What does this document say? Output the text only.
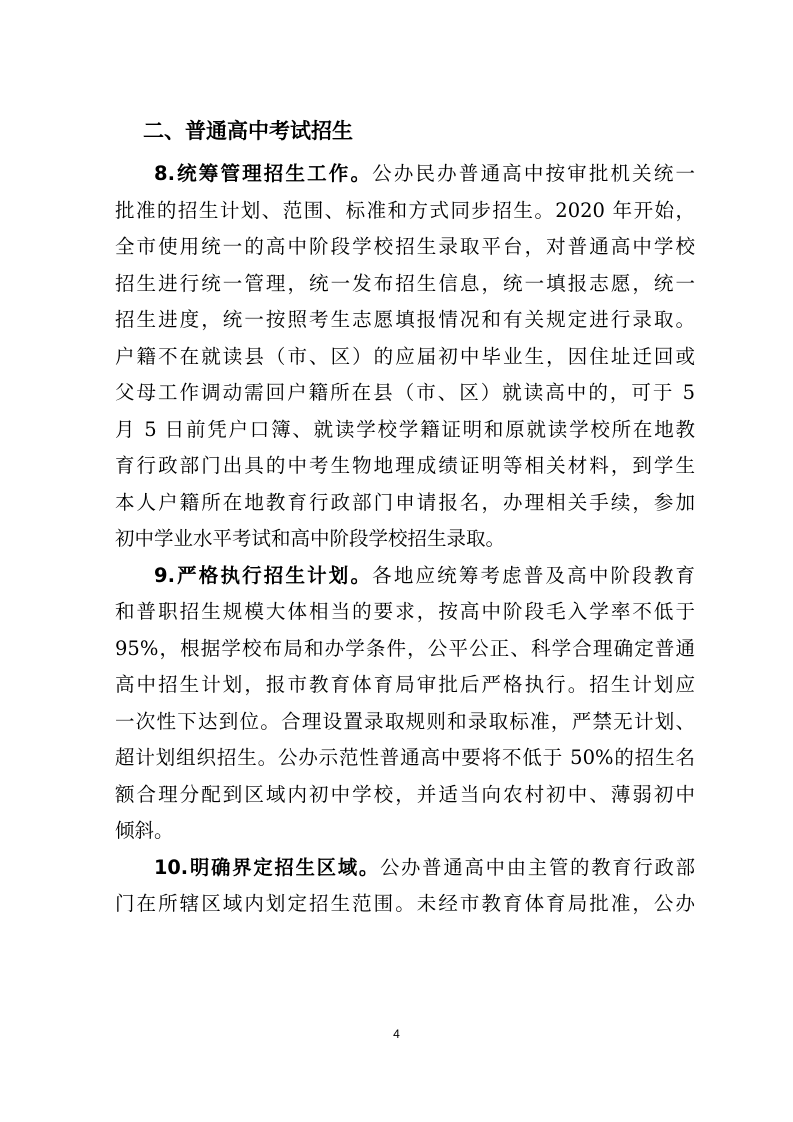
二、普通高中考试招生

8.统筹管理招生工作。公办民办普通高中按审批机关统一
批准的招生计划、范围、标准和方式同步招生。2020 年开始，
全市使用统一的高中阶段学校招生录取平台，对普通高中学校
招生进行统一管理，统一发布招生信息，统一填报志愿，统一
招生进度，统一按照考生志愿填报情况和有关规定进行录取。
户籍不在就读县（市、区）的应届初中毕业生，因住址迁回或
父母工作调动需回户籍所在县（市、区）就读高中的，可于 5
月 5 日前凭户口簿、就读学校学籍证明和原就读学校所在地教
育行政部门出具的中考生物地理成绩证明等相关材料，到学生
本人户籍所在地教育行政部门申请报名，办理相关手续，参加
初中学业水平考试和高中阶段学校招生录取。

9.严格执行招生计划。各地应统筹考虑普及高中阶段教育
和普职招生规模大体相当的要求，按高中阶段毛入学率不低于
95%，根据学校布局和办学条件，公平公正、科学合理确定普通
高中招生计划，报市教育体育局审批后严格执行。招生计划应
一次性下达到位。合理设置录取规则和录取标准，严禁无计划、
超计划组织招生。公办示范性普通高中要将不低于 50%的招生名
额合理分配到区域内初中学校，并适当向农村初中、薄弱初中
倾斜。

10.明确界定招生区域。公办普通高中由主管的教育行政部
门在所辖区域内划定招生范围。未经市教育体育局批准，公办

4
